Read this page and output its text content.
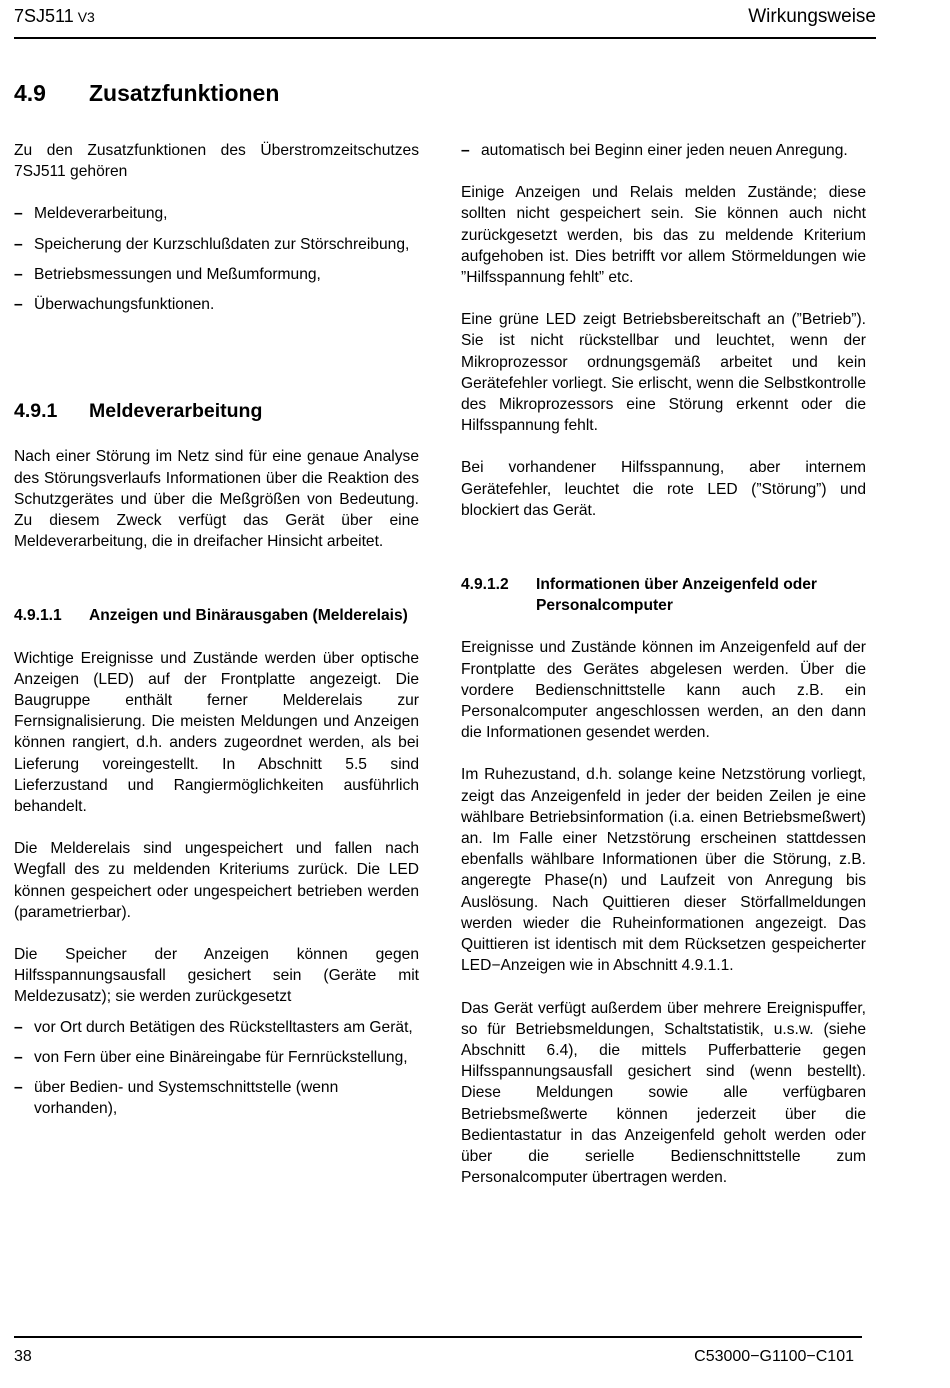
7SJ511 V3	Wirkungsweise
4.9 Zusatzfunktionen

Zu den Zusatzfunktionen des Überstromzeitschutzes 7SJ511 gehören

– Meldeverarbeitung,
– Speicherung der Kurzschlußdaten zur Störschreibung,
– Betriebsmessungen und Meßumformung,
– Überwachungsfunktionen.
4.9.1 Meldeverarbeitung

Nach einer Störung im Netz sind für eine genaue Analyse des Störungsverlaufs Informationen über die Reaktion des Schutzgerätes und über die Meßgrößen von Bedeutung. Zu diesem Zweck verfügt das Gerät über eine Meldeverarbeitung, die in dreifacher Hinsicht arbeitet.

4.9.1.1 Anzeigen und Binärausgaben (Melderelais)

Wichtige Ereignisse und Zustände werden über optische Anzeigen (LED) auf der Frontplatte angezeigt. Die Baugruppe enthält ferner Melderelais zur Fernsignalisierung. Die meisten Meldungen und Anzeigen können rangiert, d.h. anders zugeordnet werden, als bei Lieferung voreingestellt. In Abschnitt 5.5 sind Lieferzustand und Rangiermöglichkeiten ausführlich behandelt.

Die Melderelais sind ungespeichert und fallen nach Wegfall des zu meldenden Kriteriums zurück. Die LED können gespeichert oder ungespeichert betrieben werden (parametrierbar).

Die Speicher der Anzeigen können gegen Hilfsspannungsausfall gesichert sein (Geräte mit Meldezusatz); sie werden zurückgesetzt

– vor Ort durch Betätigen des Rückstelltasters am Gerät,
– von Fern über eine Binäreingabe für Fernrückstellung,
– über Bedien- und Systemschnittstelle (wenn vorhanden),
– automatisch bei Beginn einer jeden neuen Anregung.

Einige Anzeigen und Relais melden Zustände; diese sollten nicht gespeichert sein. Sie können auch nicht zurückgesetzt werden, bis das zu meldende Kriterium aufgehoben ist. Dies betrifft vor allem Störmeldungen wie ”Hilfsspannung fehlt” etc.

Eine grüne LED zeigt Betriebsbereitschaft an (”Betrieb”). Sie ist nicht rückstellbar und leuchtet, wenn der Mikroprozessor ordnungsgemäß arbeitet und kein Gerätefehler vorliegt. Sie erlischt, wenn die Selbstkontrolle des Mikroprozessors eine Störung erkennt oder die Hilfsspannung fehlt.

Bei vorhandener Hilfsspannung, aber internem Gerätefehler, leuchtet die rote LED (”Störung”) und blockiert das Gerät.

4.9.1.2 Informationen über Anzeigenfeld oder Personalcomputer

Ereignisse und Zustände können im Anzeigenfeld auf der Frontplatte des Gerätes abgelesen werden. Über die vordere Bedienschnittstelle kann auch z.B. ein Personalcomputer angeschlossen werden, an den dann die Informationen gesendet werden.

Im Ruhezustand, d.h. solange keine Netzstörung vorliegt, zeigt das Anzeigenfeld in jeder der beiden Zeilen je eine wählbare Betriebsinformation (i.a. einen Betriebsmeßwert) an. Im Falle einer Netzstörung erscheinen stattdessen ebenfalls wählbare Informationen über die Störung, z.B. angeregte Phase(n) und Laufzeit von Anregung bis Auslösung. Nach Quittieren dieser Störfallmeldungen werden wieder die Ruheinformationen angezeigt. Das Quittieren ist identisch mit dem Rücksetzen gespeicherter LED−Anzeigen wie in Abschnitt 4.9.1.1.

Das Gerät verfügt außerdem über mehrere Ereignispuffer, so für Betriebsmeldungen, Schaltstatistik, u.s.w. (siehe Abschnitt 6.4), die mittels Pufferbatterie gegen Hilfsspannungsausfall gesichert sind (wenn bestellt). Diese Meldungen sowie alle verfügbaren Betriebsmeßwerte können jederzeit über die Bedientastatur in das Anzeigenfeld geholt werden oder über die serielle Bedienschnittstelle zum Personalcomputer übertragen werden.

38	C53000−G1100−C101
